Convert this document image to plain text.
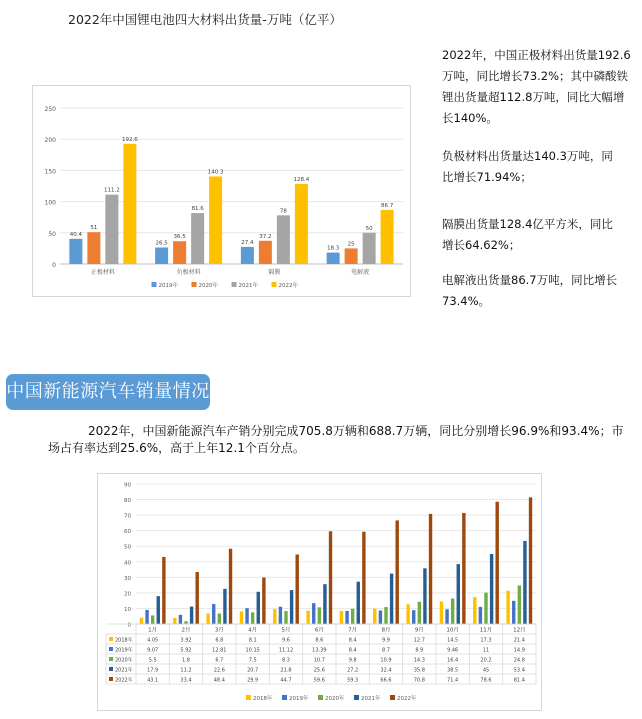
2022年中国锂电池四大材料出货量-万吨（亿平）
0
50
100
150
200
250
40.4
51
111.2
192.6
正极材料
26.5
36.5
81.6
140.3
负极材料
27.4
37.2
78
128.4
隔膜
18.3
25
50
86.7
电解液
2019年	2020年	2021年	2022年

2022年，中国正极材料出货量192.6万吨，同比增长73.2%；其中磷酸铁锂出货量超112.8万吨，同比大幅增长140%。

负极材料出货量达140.3万吨，同比增长71.94%；

隔膜出货量128.4亿平方米，同比增长64.62%；

电解液出货量86.7万吨，同比增长73.4%。

中国新能源汽车销量情况
2022年，中国新能源汽车产销分别完成705.8万辆和688.7万辆，同比分别增长96.9%和93.4%；市场占有率达到25.6%，高于上年12.1个百分点。
0
10
20
30
40
50
60
70
80
90
1月	2月	3月	4月	5月	6月	7月	8月	9月	10月	11月	12月
2018年	4.05	3.92	6.8	8.1	9.6	8.6	8.4	9.9	12.7	14.5	17.3	21.4
2019年	9.07	5.92	12.81	10.15	11.12	13.39	8.4	8.7	8.9	9.46	11	14.9
2020年	5.5	1.8	6.7	7.5	8.3	10.7	9.8	10.9	14.3	16.4	20.2	24.8
2021年	17.9	11.2	22.6	20.7	21.8	25.6	27.2	32.4	35.8	38.5	45	53.4
2022年	43.1	33.4	48.4	29.9	44.7	59.6	59.3	66.6	70.8	71.4	78.6	81.4
2018年	2019年	2020年	2021年	2022年
